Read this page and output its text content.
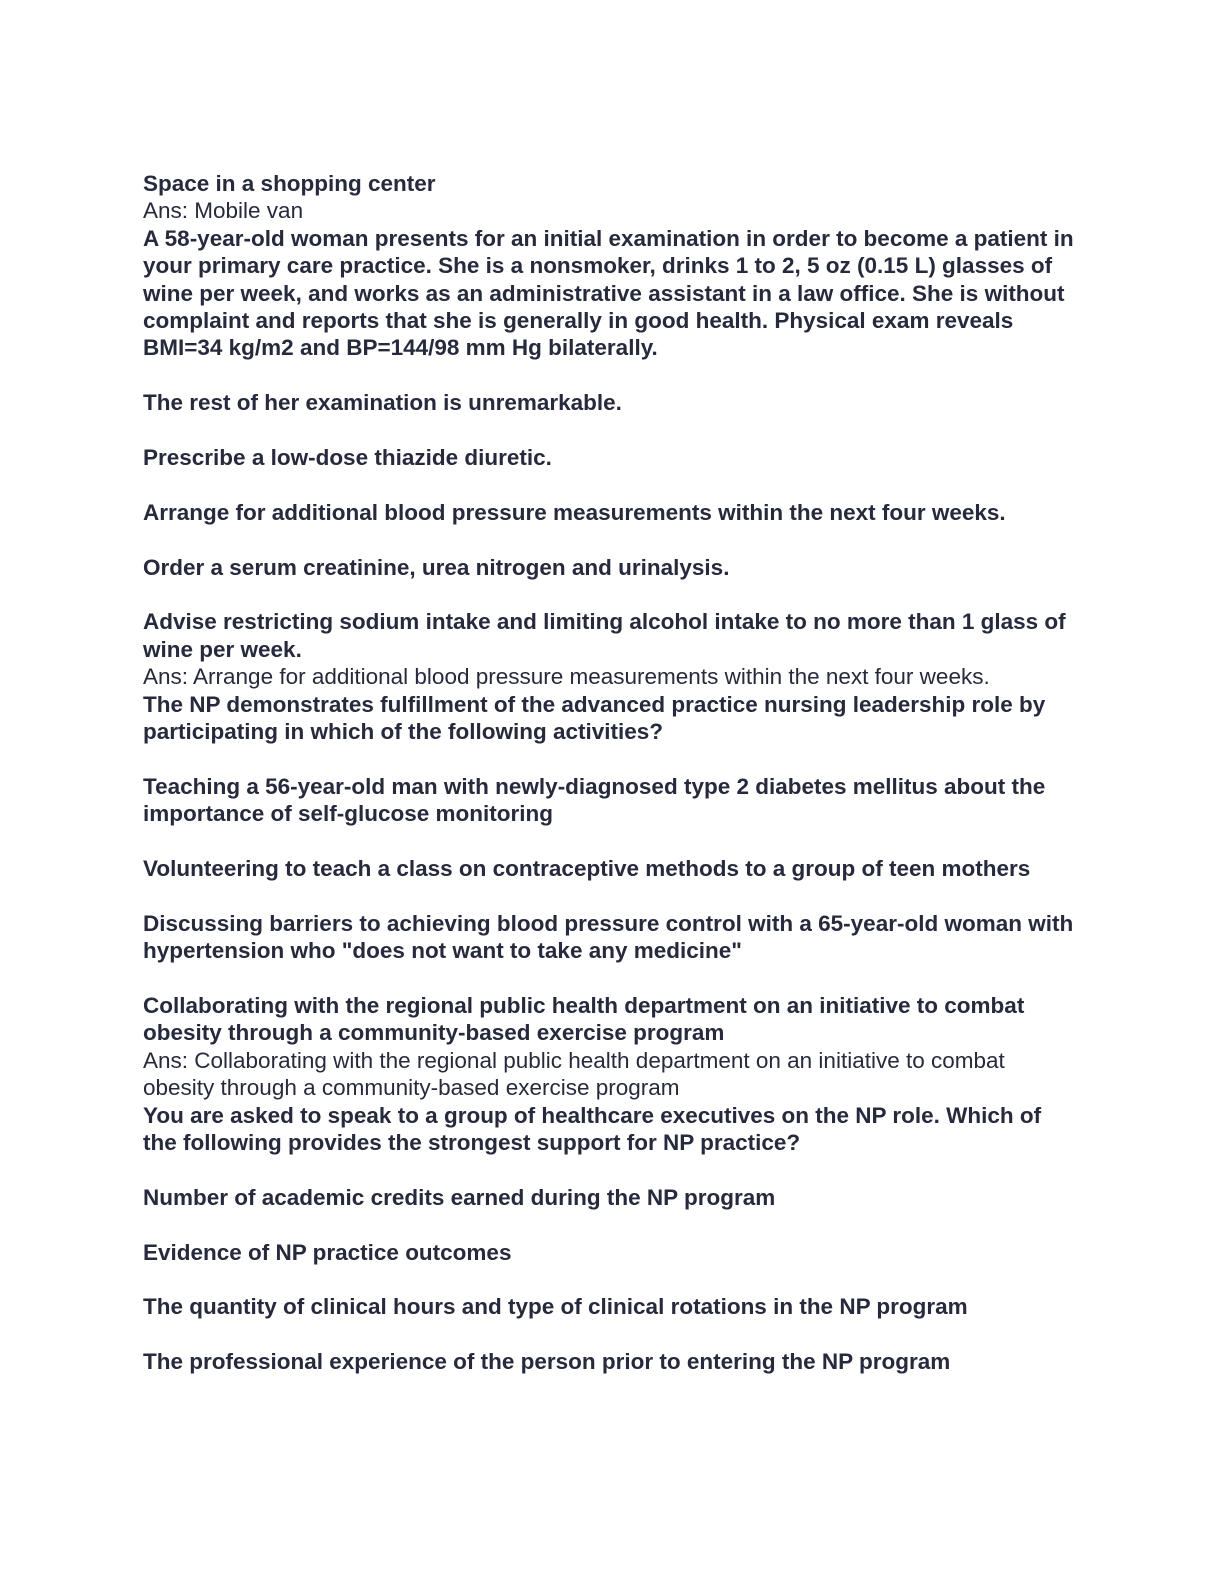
Space in a shopping center

Ans: Mobile van

A 58-year-old woman presents for an initial examination in order to become a patient in your primary care practice. She is a nonsmoker, drinks 1 to 2, 5 oz (0.15 L) glasses of wine per week, and works as an administrative assistant in a law office. She is without complaint and reports that she is generally in good health. Physical exam reveals BMI=34 kg/m2 and BP=144/98 mm Hg bilaterally.

The rest of her examination is unremarkable.

Prescribe a low-dose thiazide diuretic.

Arrange for additional blood pressure measurements within the next four weeks.

Order a serum creatinine, urea nitrogen and urinalysis.

Advise restricting sodium intake and limiting alcohol intake to no more than 1 glass of wine per week.

Ans: Arrange for additional blood pressure measurements within the next four weeks.

The NP demonstrates fulfillment of the advanced practice nursing leadership role by participating in which of the following activities?

Teaching a 56-year-old man with newly-diagnosed type 2 diabetes mellitus about the importance of self-glucose monitoring

Volunteering to teach a class on contraceptive methods to a group of teen mothers

Discussing barriers to achieving blood pressure control with a 65-year-old woman with hypertension who "does not want to take any medicine"

Collaborating with the regional public health department on an initiative to combat obesity through a community-based exercise program

Ans: Collaborating with the regional public health department on an initiative to combat obesity through a community-based exercise program

You are asked to speak to a group of healthcare executives on the NP role. Which of the following provides the strongest support for NP practice?

Number of academic credits earned during the NP program

Evidence of NP practice outcomes

The quantity of clinical hours and type of clinical rotations in the NP program

The professional experience of the person prior to entering the NP program
